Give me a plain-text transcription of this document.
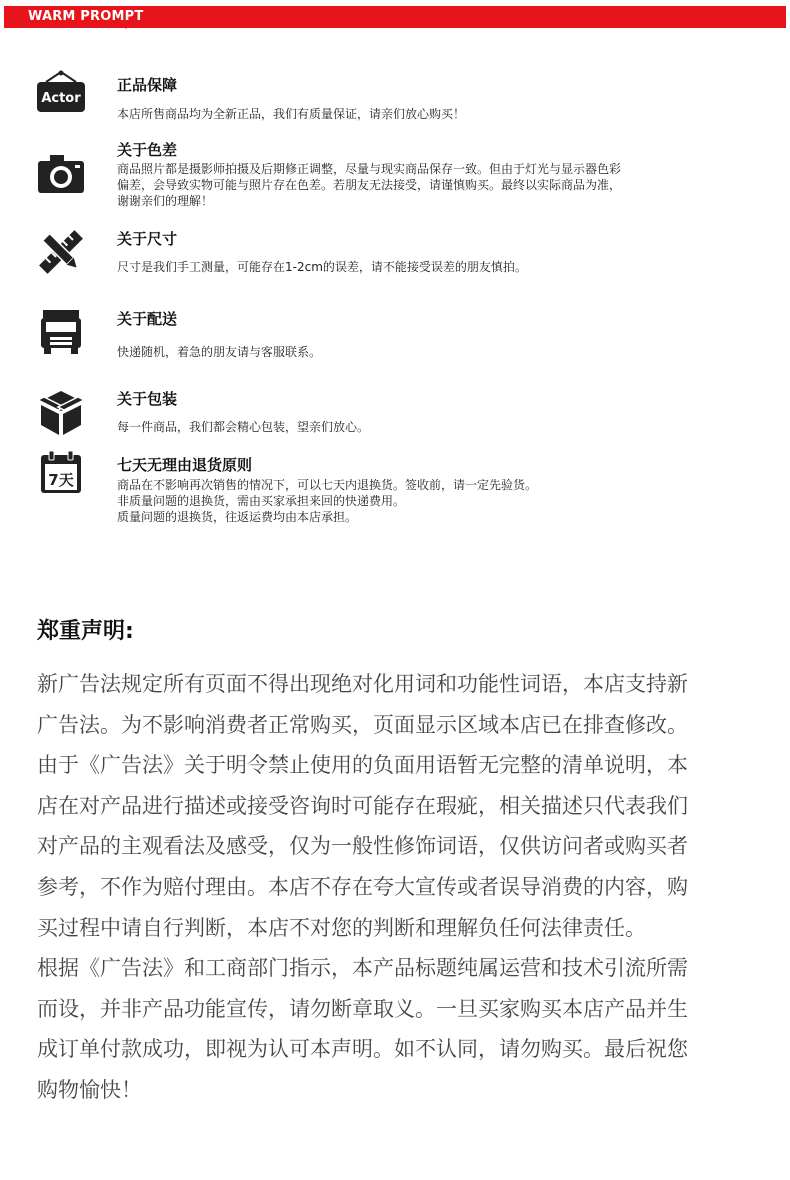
WARM PROMPT
Actor
正品保障
本店所售商品均为全新正品，我们有质量保证，请亲们放心购买！
关于色差
商品照片都是摄影师拍摄及后期修正调整，尽量与现实商品保存一致。但由于灯光与显示器色彩
偏差，会导致实物可能与照片存在色差。若朋友无法接受，请谨慎购买。最终以实际商品为准，
谢谢亲们的理解！
关于尺寸
尺寸是我们手工测量，可能存在1-2cm的误差，请不能接受误差的朋友慎拍。
关于配送
快递随机，着急的朋友请与客服联系。
关于包装
每一件商品，我们都会精心包装，望亲们放心。
7天
七天无理由退货原则
商品在不影响再次销售的情况下，可以七天内退换货。签收前，请一定先验货。
非质量问题的退换货，需由买家承担来回的快递费用。
质量问题的退换货，往返运费均由本店承担。
郑重声明:
新广告法规定所有页面不得出现绝对化用词和功能性词语，本店支持新
广告法。为不影响消费者正常购买，页面显示区域本店已在排查修改。
由于《广告法》关于明令禁止使用的负面用语暂无完整的清单说明，本
店在对产品进行描述或接受咨询时可能存在瑕疵，相关描述只代表我们
对产品的主观看法及感受，仅为一般性修饰词语，仅供访问者或购买者
参考，不作为赔付理由。本店不存在夸大宣传或者误导消费的内容，购
买过程中请自行判断，本店不对您的判断和理解负任何法律责任。
根据《广告法》和工商部门指示，本产品标题纯属运营和技术引流所需
而设，并非产品功能宣传，请勿断章取义。一旦买家购买本店产品并生
成订单付款成功，即视为认可本声明。如不认同，请勿购买。最后祝您
购物愉快！
